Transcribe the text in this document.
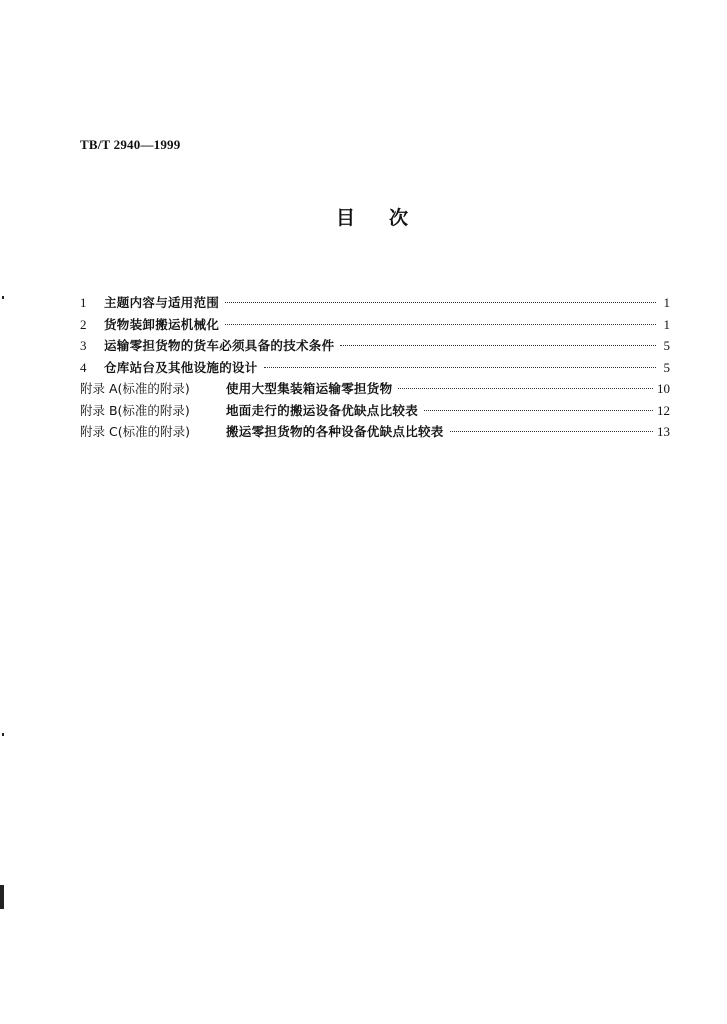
TB/T 2940—1999
目 次
1	主题内容与适用范围	1
2	货物装卸搬运机械化	1
3	运输零担货物的货车必须具备的技术条件	5
4	仓库站台及其他设施的设计	5
附录 A(标准的附录)	使用大型集装箱运输零担货物	10
附录 B(标准的附录)	地面走行的搬运设备优缺点比较表	12
附录 C(标准的附录)	搬运零担货物的各种设备优缺点比较表	13
